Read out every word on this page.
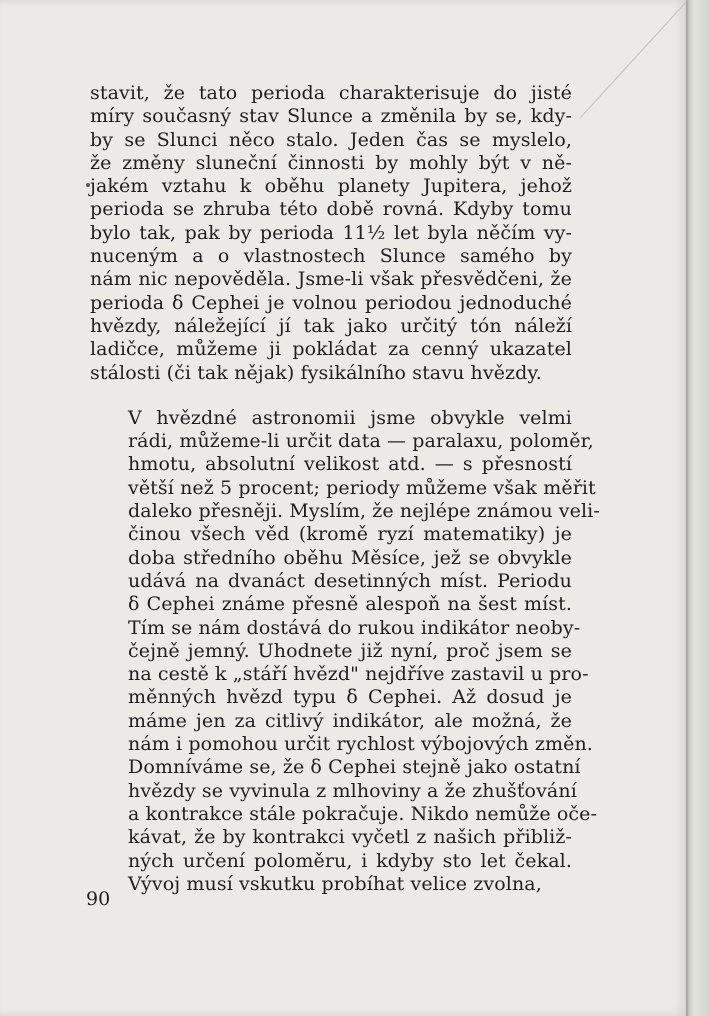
stavit, že tato perioda charakterisuje do jisté
míry současný stav Slunce a změnila by se, kdy-
by se Slunci něco stalo. Jeden čas se myslelo,
že změny sluneční činnosti by mohly být v ně-
jakém vztahu k oběhu planety Jupitera, jehož
perioda se zhruba této době rovná. Kdyby tomu
bylo tak, pak by perioda 11½ let byla něčím vy-
nuceným a o vlastnostech Slunce samého by
nám nic nepověděla. Jsme-li však přesvědčeni, že
perioda δ Cephei je volnou periodou jednoduché
hvězdy, náležející jí tak jako určitý tón náleží
ladičce, můžeme ji pokládat za cenný ukazatel
stálosti (či tak nějak) fysikálního stavu hvězdy.

V hvězdné astronomii jsme obvykle velmi
rádi, můžeme-li určit data — paralaxu, poloměr,
hmotu, absolutní velikost atd. — s přesností
větší než 5 procent; periody můžeme však měřit
daleko přesněji. Myslím, že nejlépe známou veli-
činou všech věd (kromě ryzí matematiky) je
doba středního oběhu Měsíce, jež se obvykle
udává na dvanáct desetinných míst. Periodu
δ Cephei známe přesně alespoň na šest míst.
Tím se nám dostává do rukou indikátor neoby-
čejně jemný. Uhodnete již nyní, proč jsem se
na cestě k „stáří hvězd" nejdříve zastavil u pro-
měnných hvězd typu δ Cephei. Až dosud je
máme jen za citlivý indikátor, ale možná, že
nám i pomohou určit rychlost výbojových změn.
Domníváme se, že δ Cephei stejně jako ostatní
hvězdy se vyvinula z mlhoviny a že zhušťování
a kontrakce stále pokračuje. Nikdo nemůže oče-
kávat, že by kontrakci vyčetl z našich přibliž-
ných určení poloměru, i kdyby sto let čekal.
Vývoj musí vskutku probíhat velice zvolna,

90
